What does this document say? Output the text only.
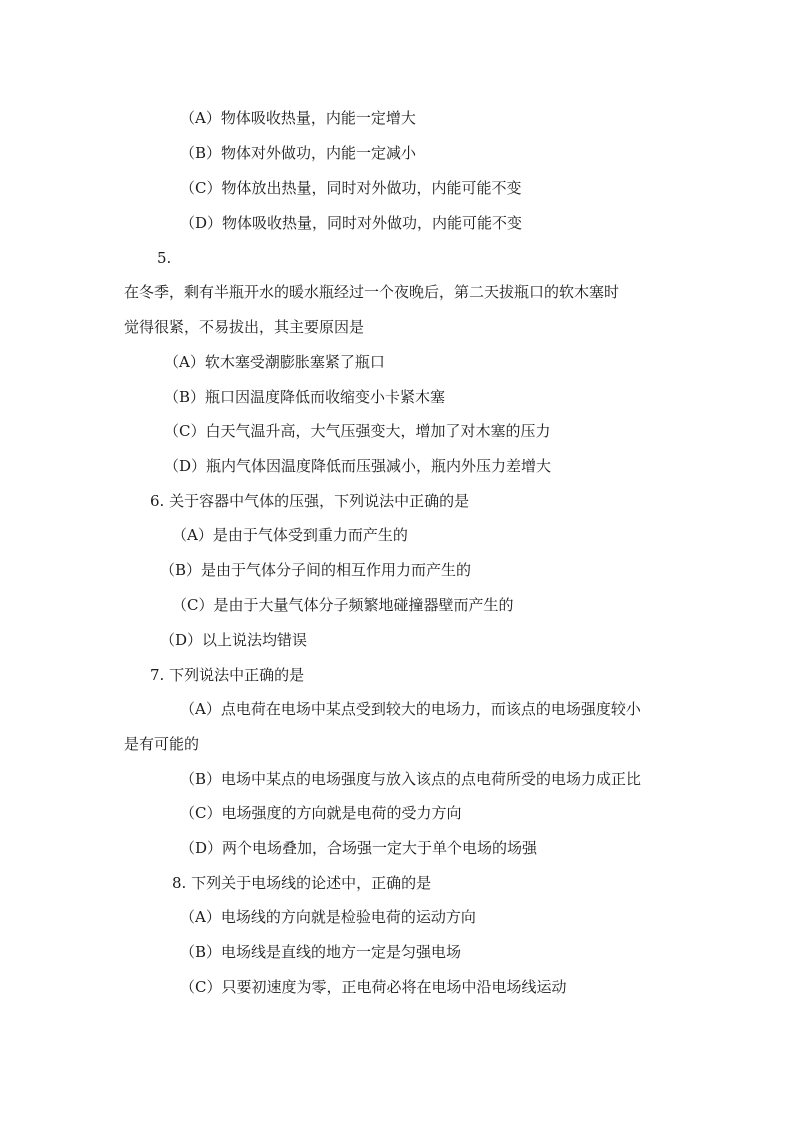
（A）物体吸收热量，内能一定增大
（B）物体对外做功，内能一定减小
（C）物体放出热量，同时对外做功，内能可能不变
（D）物体吸收热量，同时对外做功，内能可能不变
5.
在冬季，剩有半瓶开水的暖水瓶经过一个夜晚后，第二天拔瓶口的软木塞时
觉得很紧，不易拔出，其主要原因是
（A）软木塞受潮膨胀塞紧了瓶口
（B）瓶口因温度降低而收缩变小卡紧木塞
（C）白天气温升高，大气压强变大，增加了对木塞的压力
（D）瓶内气体因温度降低而压强减小，瓶内外压力差增大
6. 关于容器中气体的压强，下列说法中正确的是
（A）是由于气体受到重力而产生的
（B）是由于气体分子间的相互作用力而产生的
（C）是由于大量气体分子频繁地碰撞器壁而产生的
（D）以上说法均错误
7. 下列说法中正确的是
（A）点电荷在电场中某点受到较大的电场力，而该点的电场强度较小
是有可能的
（B）电场中某点的电场强度与放入该点的点电荷所受的电场力成正比
（C）电场强度的方向就是电荷的受力方向
（D）两个电场叠加，合场强一定大于单个电场的场强
8. 下列关于电场线的论述中，正确的是
（A）电场线的方向就是检验电荷的运动方向
（B）电场线是直线的地方一定是匀强电场
（C）只要初速度为零，正电荷必将在电场中沿电场线运动
